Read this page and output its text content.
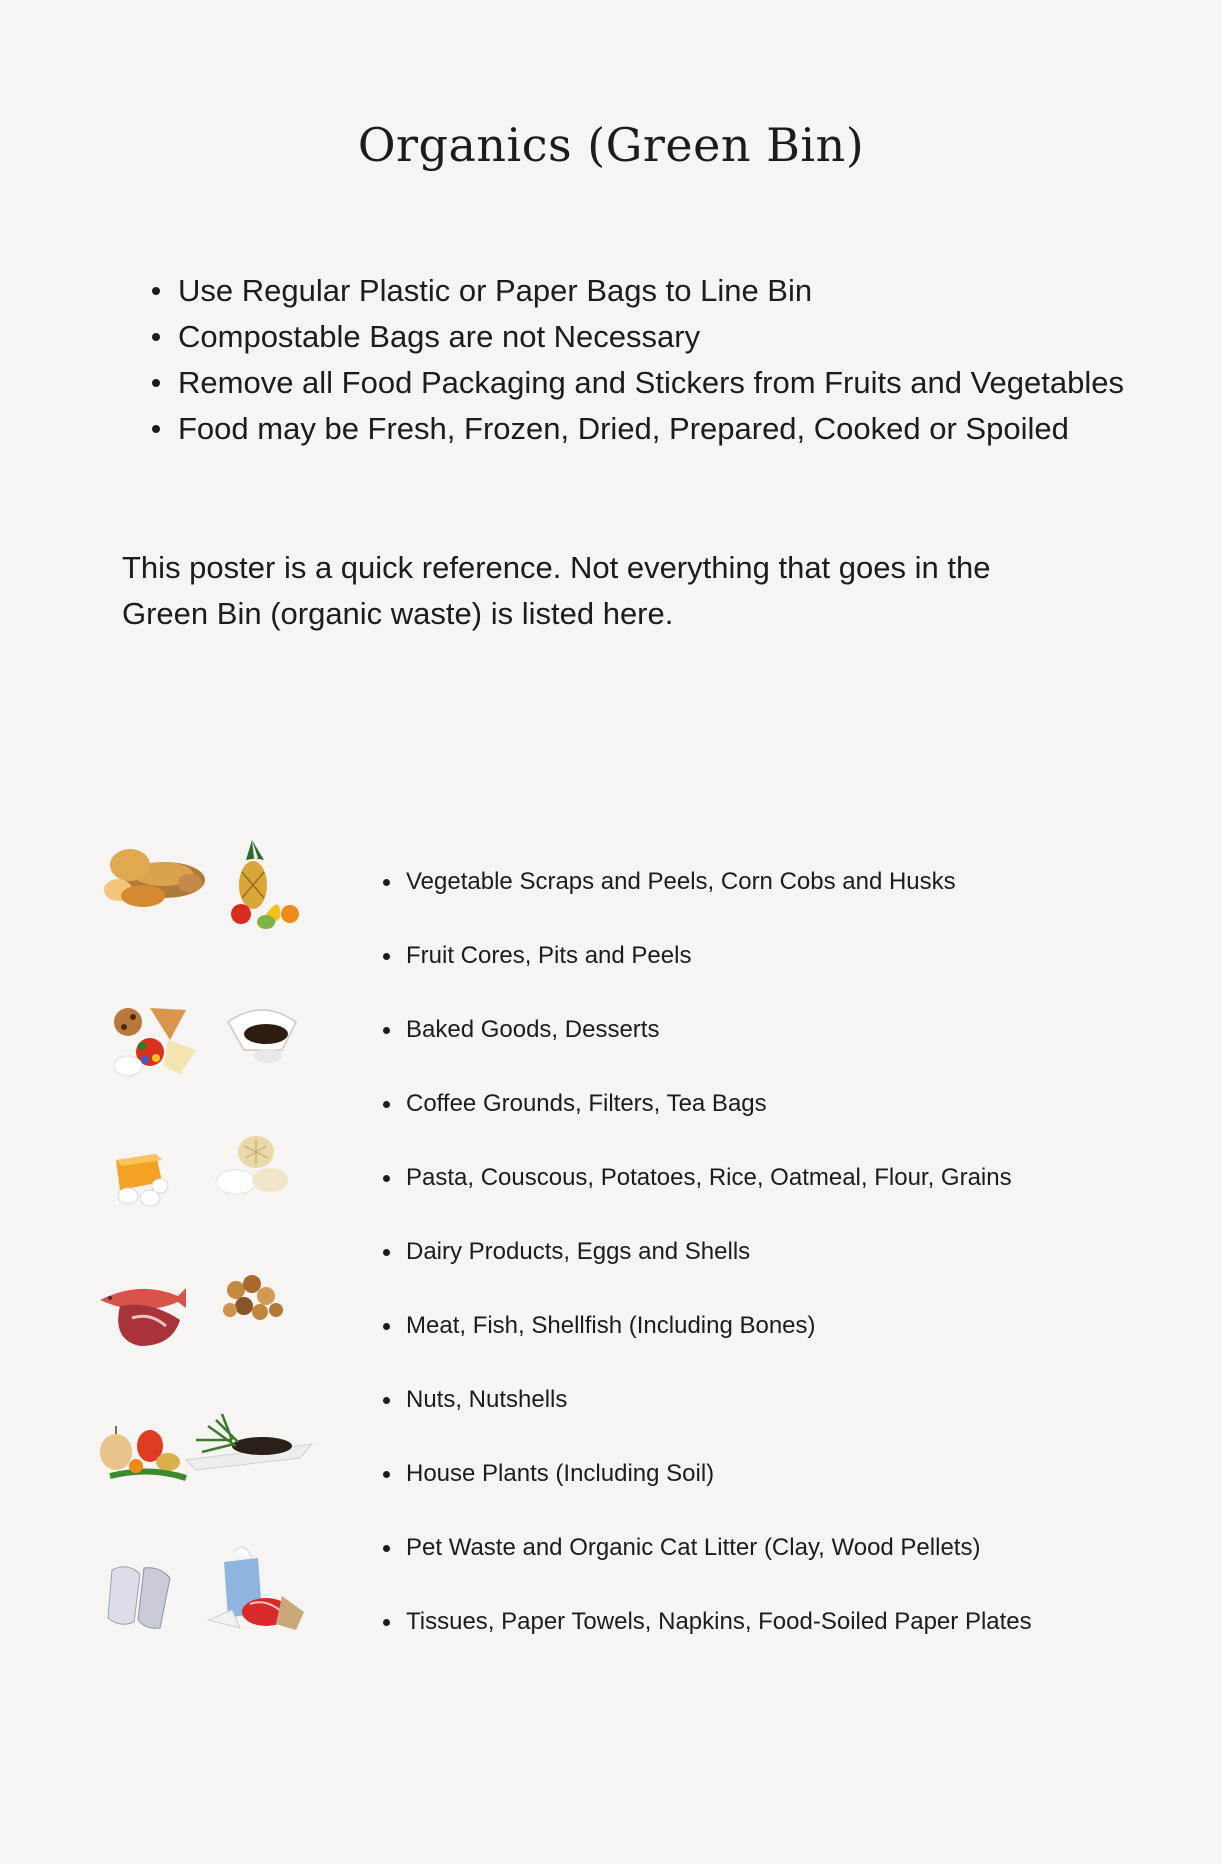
Organics (Green Bin)
Use Regular Plastic or Paper Bags to Line Bin
Compostable Bags are not Necessary
Remove all Food Packaging and Stickers from Fruits and Vegetables
Food may be Fresh, Frozen, Dried, Prepared, Cooked or Spoiled

This poster is a quick reference. Not everything that goes in the Green Bin (organic waste) is listed here.

Vegetable Scraps and Peels, Corn Cobs and Husks
Fruit Cores, Pits and Peels
Baked Goods, Desserts
Coffee Grounds, Filters, Tea Bags
Pasta, Couscous, Potatoes, Rice, Oatmeal, Flour, Grains
Dairy Products, Eggs and Shells
Meat, Fish, Shellfish (Including Bones)
Nuts, Nutshells
House Plants (Including Soil)
Pet Waste and Organic Cat Litter (Clay, Wood Pellets)
Tissues, Paper Towels, Napkins, Food-Soiled Paper Plates
